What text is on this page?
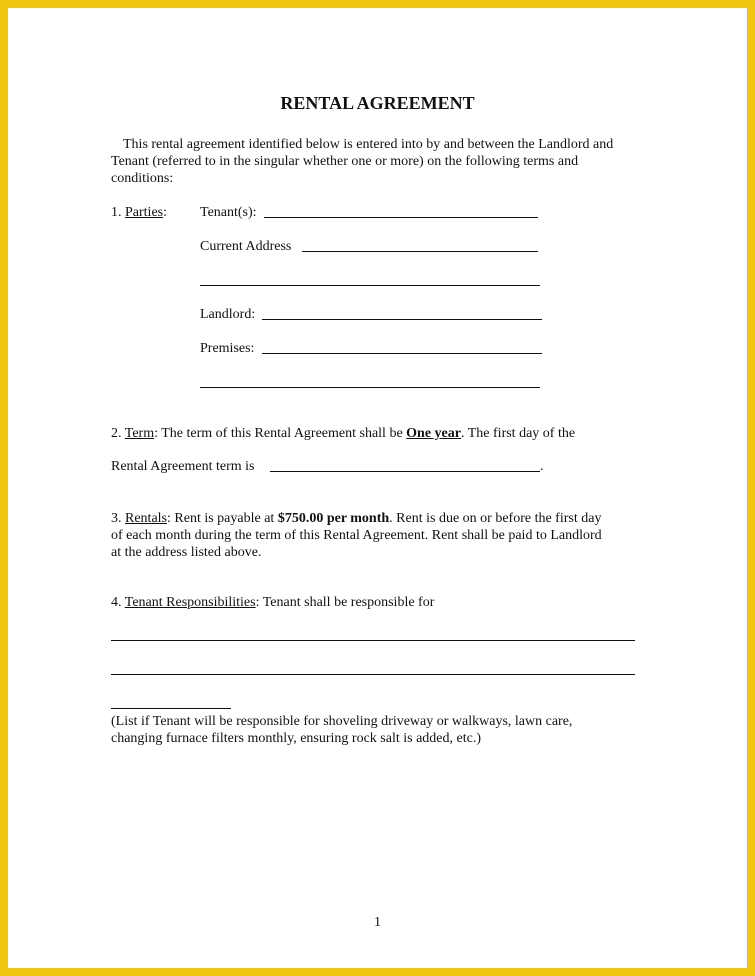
RENTAL AGREEMENT
This rental agreement identified below is entered into by and between the Landlord and
Tenant (referred to in the singular whether one or more) on the following terms and
conditions:
1. Parties: Tenant(s):
Current Address
Landlord:
Premises:
2. Term: The term of this Rental Agreement shall be One year. The first day of the
Rental Agreement term is	.
3. Rentals: Rent is payable at $750.00 per month. Rent is due on or before the first day
of each month during the term of this Rental Agreement. Rent shall be paid to Landlord
at the address listed above.
4. Tenant Responsibilities: Tenant shall be responsible for
(List if Tenant will be responsible for shoveling driveway or walkways, lawn care,
changing furnace filters monthly, ensuring rock salt is added, etc.)
1
